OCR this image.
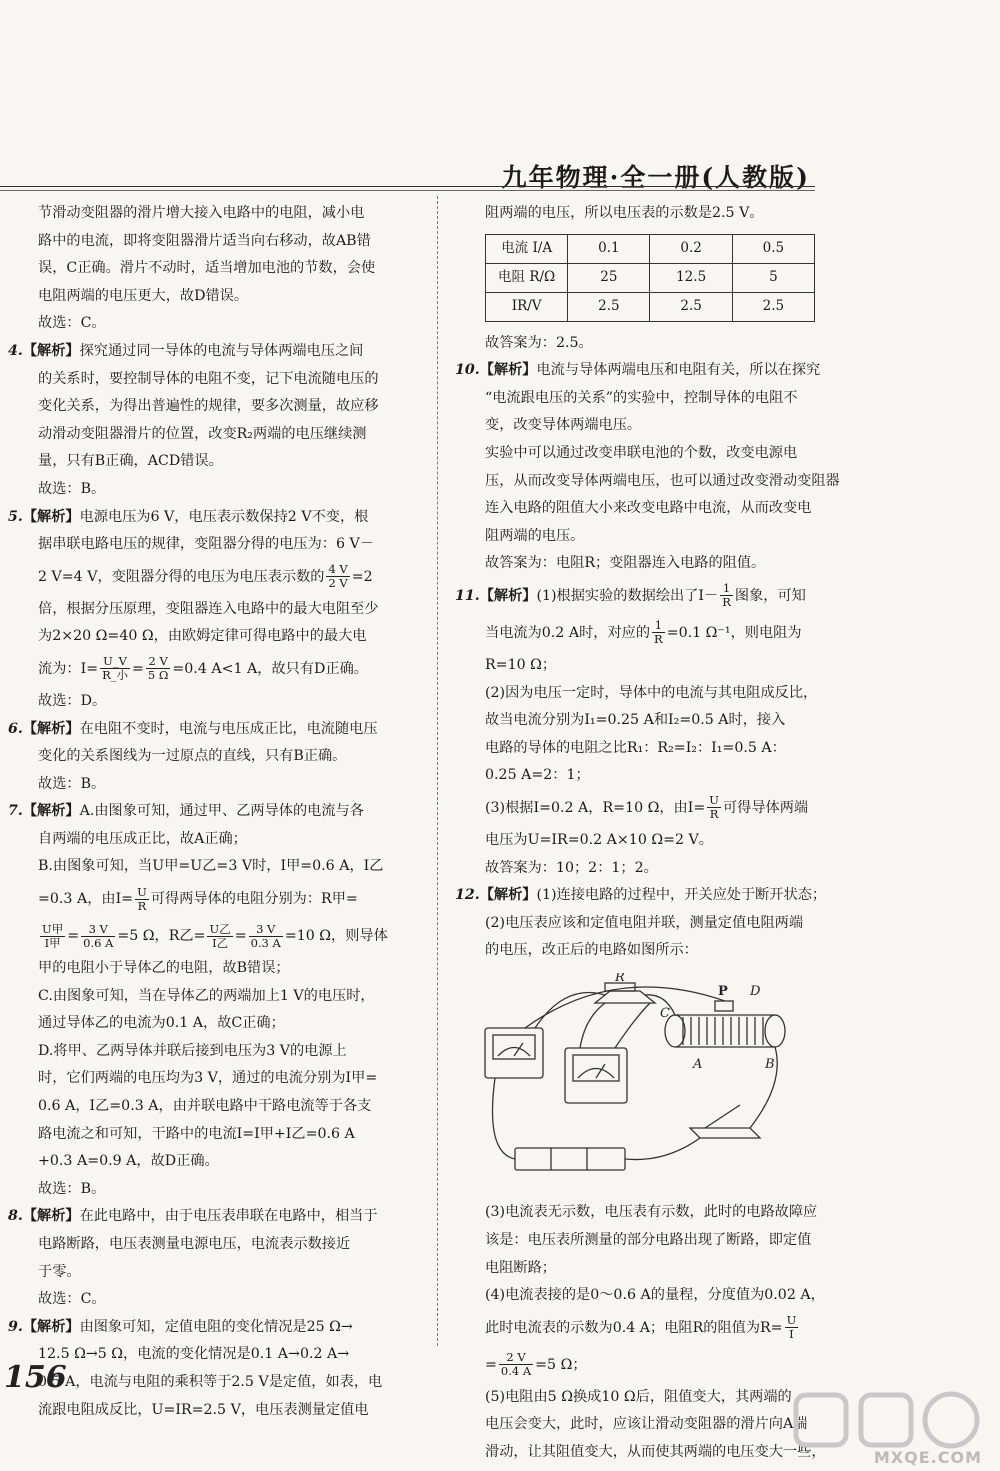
九年物理·全一册(人教版)

节滑动变阻器的滑片增大接入电路中的电阻，减小电

路中的电流，即将变阻器滑片适当向右移动，故AB错

误，C正确。滑片不动时，适当增加电池的节数，会使

电阻两端的电压更大，故D错误。

故选：C。

4.【解析】探究通过同一导体的电流与导体两端电压之间

的关系时，要控制导体的电阻不变，记下电流随电压的

变化关系，为得出普遍性的规律，要多次测量，故应移

动滑动变阻器滑片的位置，改变R₂两端的电压继续测

量，只有B正确，ACD错误。

故选：B。

5.【解析】电源电压为6 V，电压表示数保持2 V不变，根

据串联电路电压的规律，变阻器分得的电压为：6 V－

2 V=4 V，变阻器分得的电压为电压表示数的 $\frac{4 V}{2 V} =2$

倍，根据分压原理，变阻器连入电路中的最大电阻至少

为2×20 Ω=40 Ω，由欧姆定律可得电路中的最大电

流为：$I= \frac{U\_V}{\text{R\_小}} = \frac{2 V}{5 \Omega} =0.4$ A<1 A，故只有D正确。

故选：D。

6.【解析】在电阻不变时，电流与电压成正比，电流随电压

变化的关系图线为一过原点的直线，只有B正确。

故选：B。

7.【解析】A.由图象可知，通过甲、乙两导体的电流与各

自两端的电压成正比，故A正确；

B.由图象可知，当U甲=U乙=3 V时，I甲=0.6 A，I乙

=0.3 A，由$I= \frac{U}{R}$ 可得两导体的电阻分别为：R甲=

$\frac{\text{U甲}}{\text{I甲}} = \frac{3 V}{0.6 A} =5$ Ω，R乙= $\frac{\text{U乙}}{\text{I乙}} = \frac{3 V}{0.3 A} =10$ Ω，则导体

甲的电阻小于导体乙的电阻，故B错误；

C.由图象可知，当在导体乙的两端加上1 V的电压时，

通过导体乙的电流为0.1 A，故C正确；

D.将甲、乙两导体并联后接到电压为3 V的电源上

时，它们两端的电压均为3 V，通过的电流分别为I甲=

0.6 A，I乙=0.3 A，由并联电路中干路电流等于各支

路电流之和可知，干路中的电流I=I甲+I乙=0.6 A

+0.3 A=0.9 A，故D正确。

故选：B。

8.【解析】在此电路中，由于电压表串联在电路中，相当于

电路断路，电压表测量电源电压，电流表示数接近

于零。

故选：C。

9.【解析】由图象可知，定值电阻的变化情况是25 Ω→

12.5 Ω→5 Ω，电流的变化情况是0.1 A→0.2 A→

0.5 A，电流与电阻的乘积等于2.5 V是定值，如表，电

流跟电阻成反比，U=IR=2.5 V，电压表测量定值电

阻两端的电压，所以电压表的示数是2.5 V。

电流 I/A	0.1	0.2	0.5
电阻 R/Ω	25	12.5	5
IR/V	2.5	2.5	2.5

故答案为：2.5。

10.【解析】电流与导体两端电压和电阻有关，所以在探究

“电流跟电压的关系”的实验中，控制导体的电阻不

变，改变导体两端电压。

实验中可以通过改变串联电池的个数，改变电源电

压，从而改变导体两端电压，也可以通过改变滑动变阻器

连入电路的阻值大小来改变电路中电流，从而改变电

阻两端的电压。

故答案为：电阻R；变阻器连入电路的阻值。

11.【解析】(1)根据实验的数据绘出了$I- \frac{1}{R}$ 图象，可知

当电流为0.2 A时，对应的 $\frac{1}{R} =0.1$ Ω⁻¹，则电阻为

R=10 Ω；

(2)因为电压一定时，导体中的电流与其电阻成反比，

故当电流分别为I₁=0.25 A和I₂=0.5 A时，接入

电路的导体的电阻之比R₁：R₂=I₂：I₁=0.5 A：

0.25 A=2：1；

(3)根据I=0.2 A，R=10 Ω，由$I= \frac{U}{R}$ 可得导体两端

电压为U=IR=0.2 A×10 Ω=2 V。

故答案为：10；2：1；2。

12.【解析】(1)连接电路的过程中，开关应处于断开状态；

(2)电压表应该和定值电阻并联，测量定值电阻两端

的电压，改正后的电路如图所示：

R
P
C
D
A	B

(3)电流表无示数，电压表有示数，此时的电路故障应

该是：电压表所测量的部分电路出现了断路，即定值

电阻断路；

(4)电流表接的是0～0.6 A的量程，分度值为0.02 A，

此时电流表的示数为0.4 A；电阻R的阻值为$R= \frac{U}{I}$

= $\frac{2 V}{0.4 A} =5$ Ω；

(5)电阻由5 Ω换成10 Ω后，阻值变大，其两端的

电压会变大，此时，应该让滑动变阻器的滑片向A端

滑动，让其阻值变大，从而使其两端的电压变大一些，

156
MXQE.COM
